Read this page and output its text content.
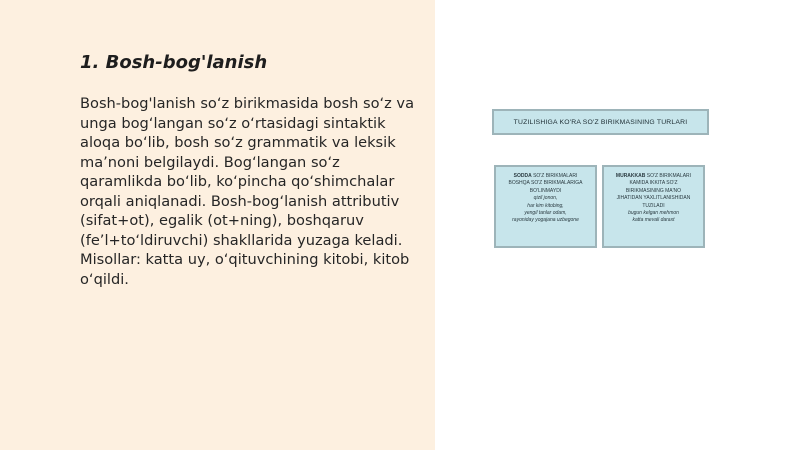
1. Bosh-bog'lanish

Bosh-bog'lanish so‘z birikmasida bosh so‘z va unga bog‘langan so‘z o‘rtasidagi sintaktik aloqa bo‘lib, bosh so‘z grammatik va leksik ma’noni belgilaydi. Bog‘langan so‘z qaramlikda bo‘lib, ko‘pincha qo‘shimchalar orqali aniqlanadi. Bosh-bog‘lanish attributiv (sifat+ot), egalik (ot+ning), boshqaruv (fe’l+to‘ldiruvchi) shakllarida yuzaga keladi. Misollar: katta uy, o‘qituvchining kitobi, kitob o‘qildi.

TUZILISHIGA KO'RA SO'Z BIRIKMASINING TURLARI
SODDA SO'Z BIRIKMALARI
BOSHQA SO'Z BIRIKMALARIGA
BO'LINMAYDI
qizil jonon,
har kim kitobing,
yengil tanlar odam,
rayoniday yogajana uzbegone
MURAKKAB SO'Z BIRIKMALARI
KAMIDA IKKITA SO'Z
BIRIKMASINING MA'NO
JIHATIDAN YAXLITLANISHIDAN
TUZILADI
bugun kelgan mehmon
katta mevali daraxt
